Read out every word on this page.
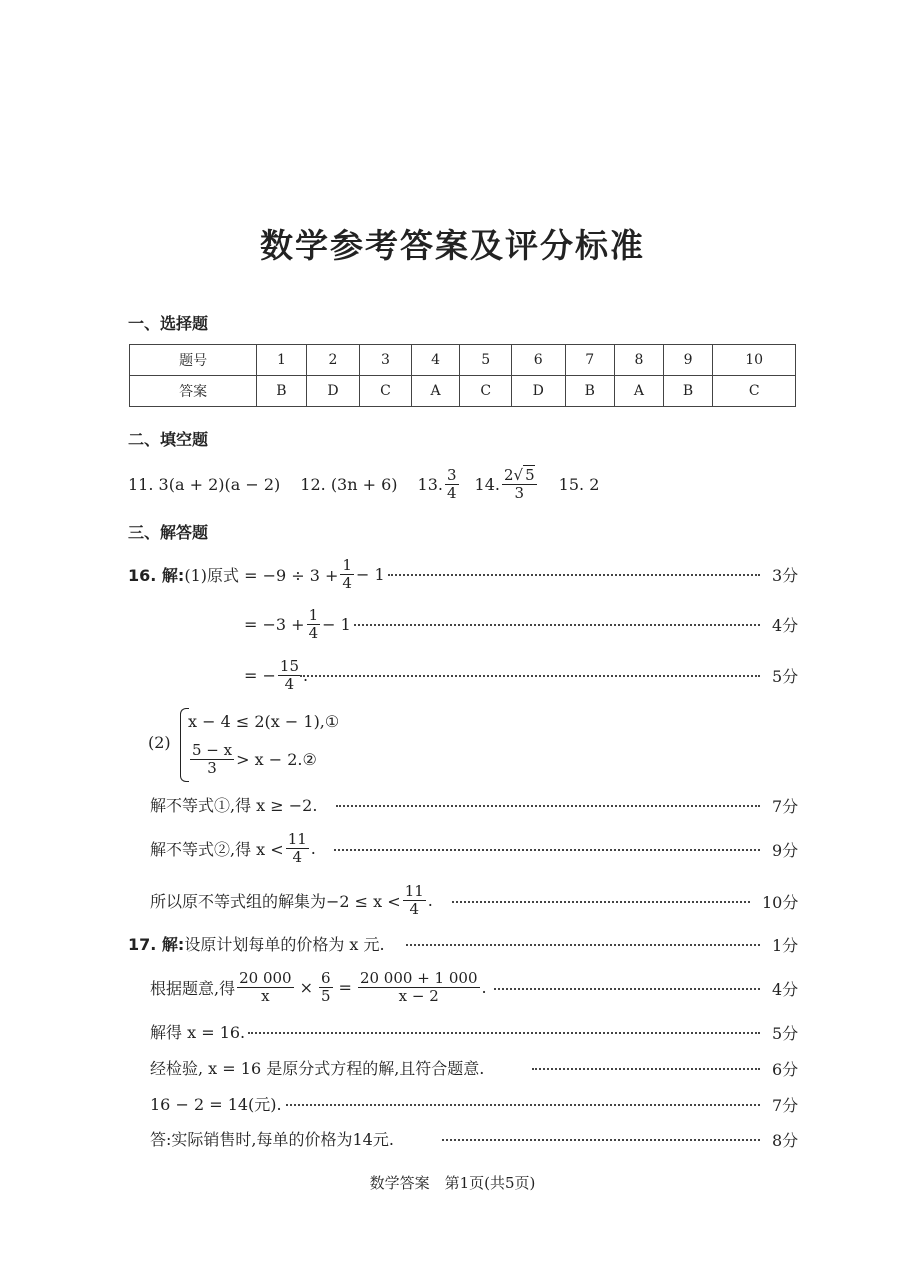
数学参考答案及评分标准
一、选择题
题号	1	2	3	4	5	6	7	8	9	10
答案	B	D	C	A	C	D	B	A	B	C
二、填空题
11. 3(a + 2)(a − 2) 12. (3n + 6) 13. $\frac{3}{4} 14$. $\frac{2√ 5}{3} 15$. 2
三、解答题
16. 解: (1)原式 = $-9 \div 3 + \frac{1}{4} - 1$	3分
= $-3 + \frac{1}{4} - 1$	4分
= − $\frac{15}{4}$ .	5分
(2)
x − 4 ≤ 2(x − 1),①
$\frac{5 - x}{3} > x$ − 2.②
解不等式①,得 x ≥ −2.	7分
解不等式②,得 $x < \frac{11}{4}$ .	9分
所以原不等式组的解集为$-2 \le x < \frac{11}{4}$ .	10分
17. 解: 设原计划每单的价格为 x 元.	1分
根据题意,得 $\frac{20 000}{x} \times \frac{6}{5} = \frac{20 000 + 1 000}{x - 2}$ .	4分
解得 x = 16.	5分
经检验, x = 16 是原分式方程的解,且符合题意.	6分
16 − 2 = 14(元).	7分
答:实际销售时,每单的价格为14元.	8分
数学答案　第1页(共5页)
